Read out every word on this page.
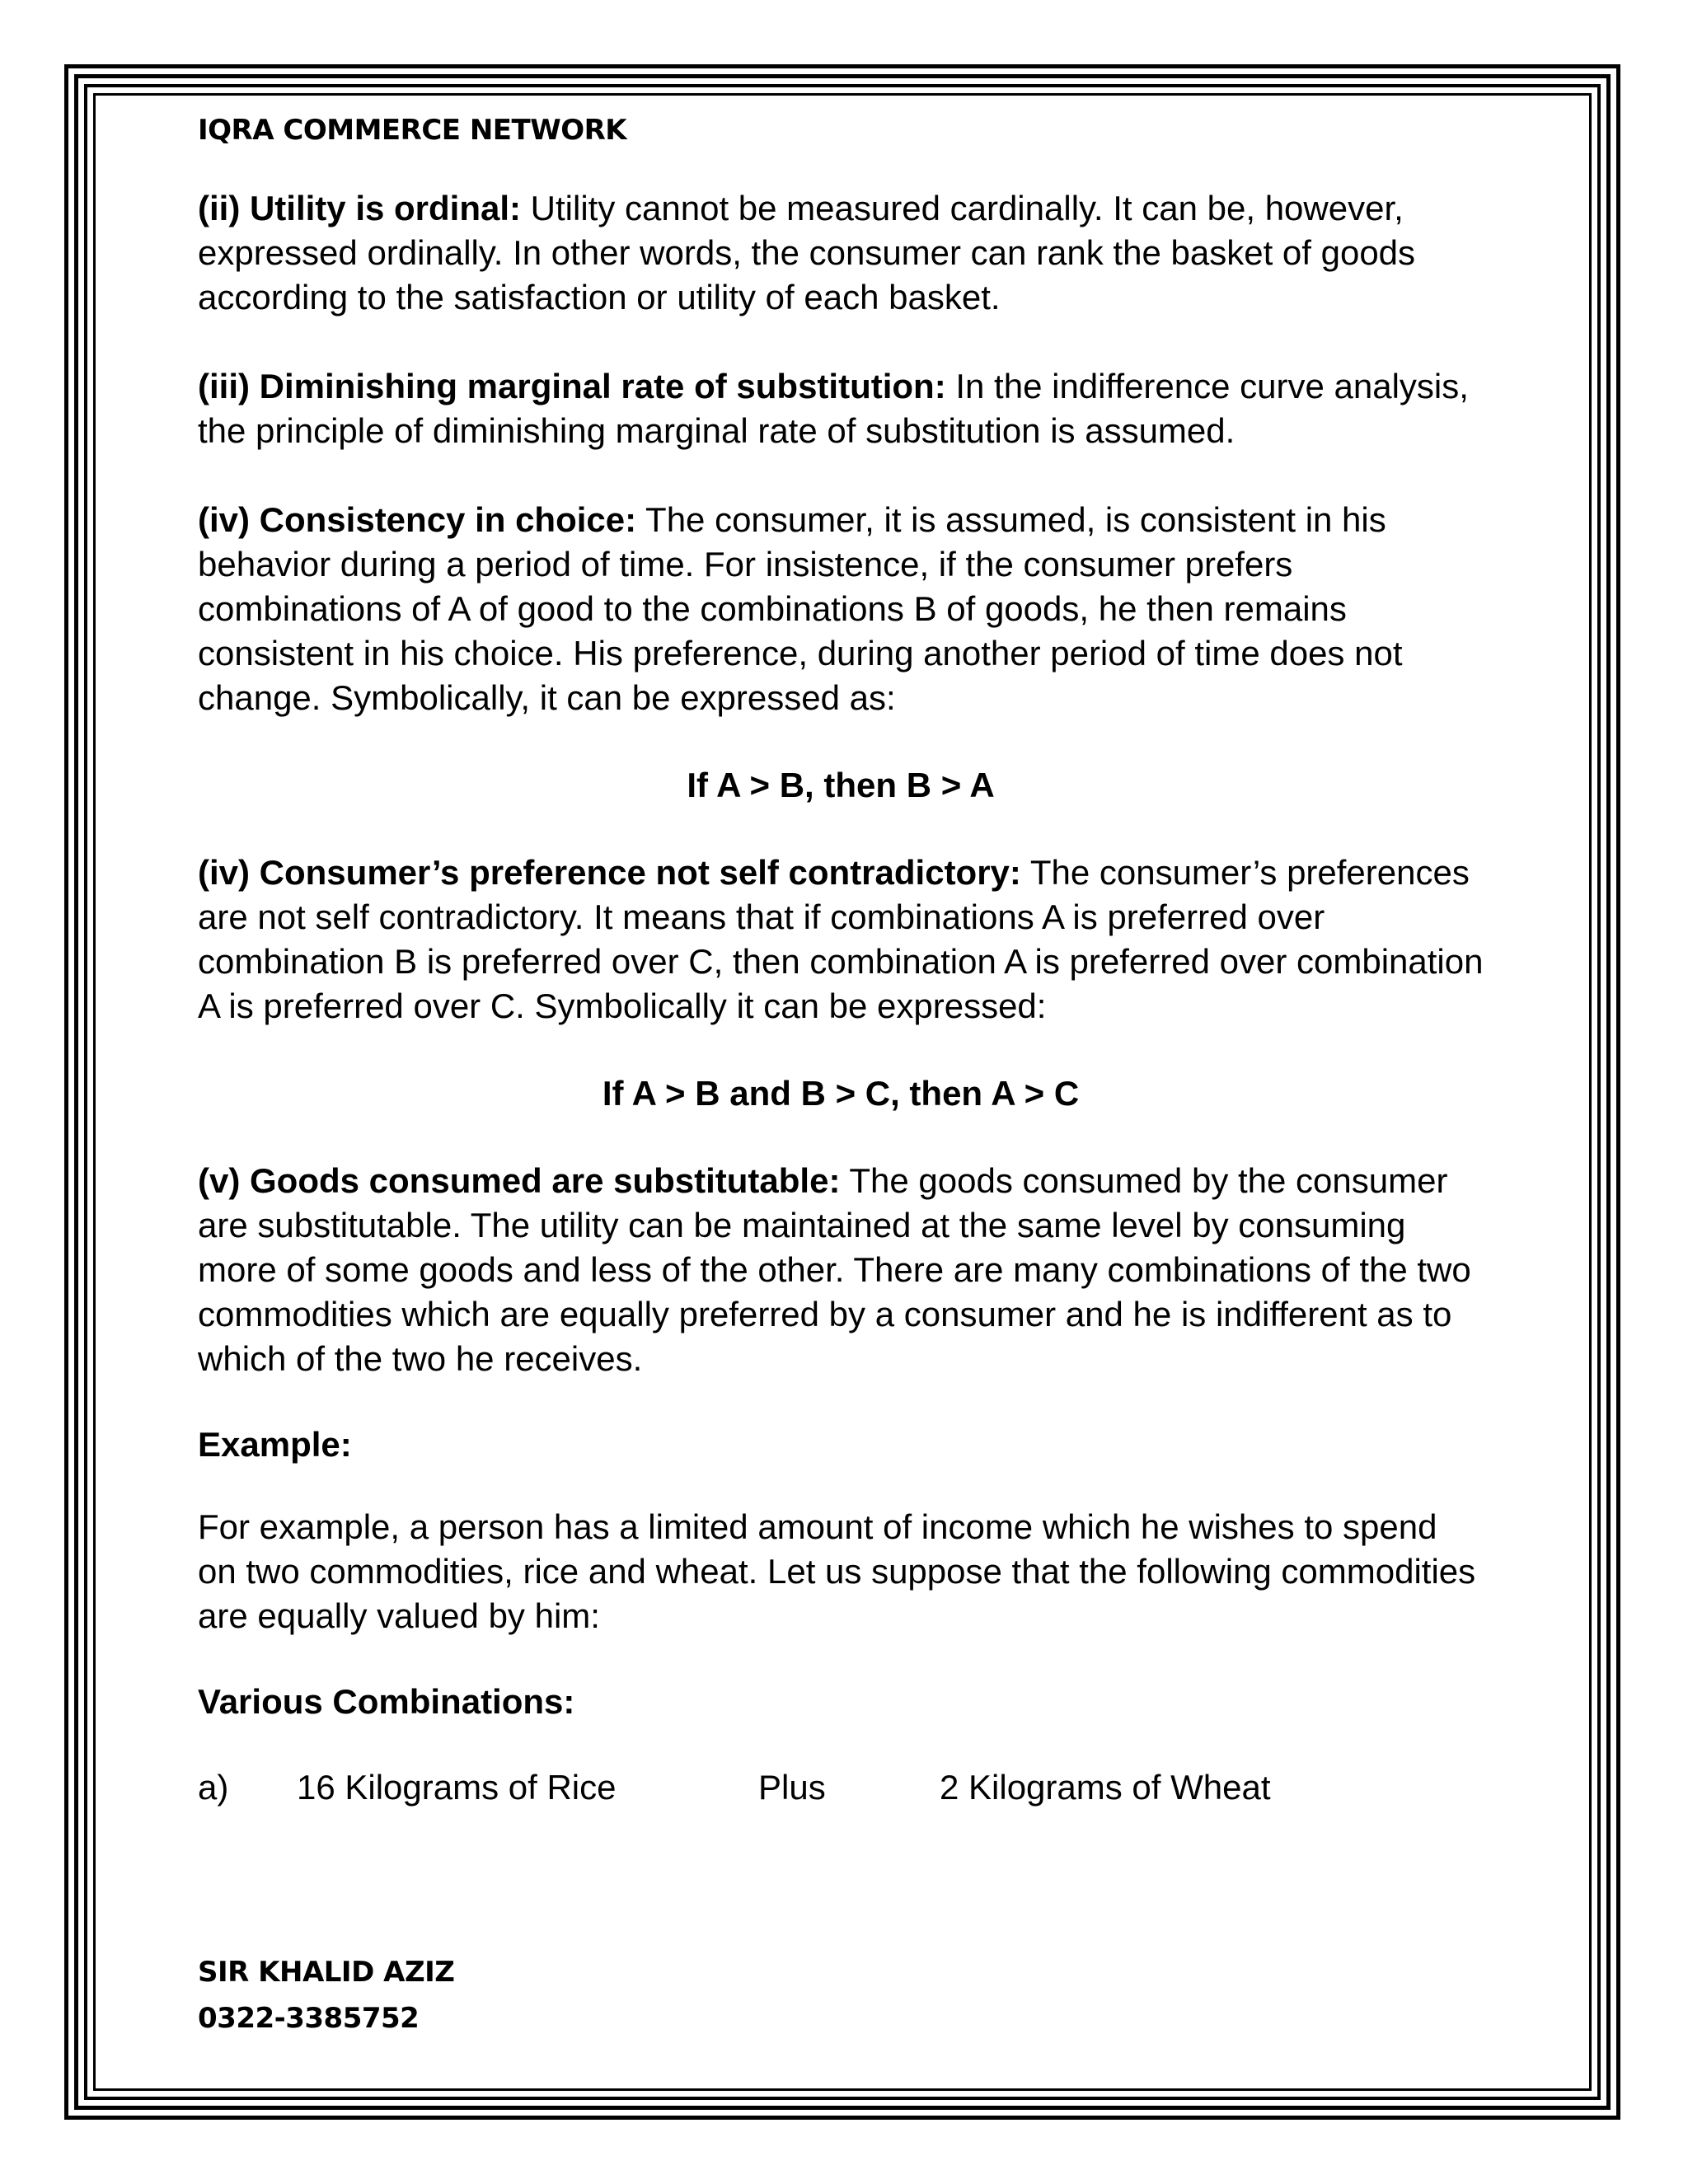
IQRA COMMERCE NETWORK

(ii) Utility is ordinal: Utility cannot be measured cardinally. It can be, however, expressed ordinally. In other words, the consumer can rank the basket of goods according to the satisfaction or utility of each basket.

(iii) Diminishing marginal rate of substitution: In the indifference curve analysis, the principle of diminishing marginal rate of substitution is assumed.

(iv) Consistency in choice: The consumer, it is assumed, is consistent in his behavior during a period of time. For insistence, if the consumer prefers combinations of A of good to the combinations B of goods, he then remains consistent in his choice. His preference, during another period of time does not change. Symbolically, it can be expressed as:

If A > B, then B > A

(iv) Consumer’s preference not self contradictory: The consumer’s preferences are not self contradictory. It means that if combinations A is preferred over combination B is preferred over C, then combination A is preferred over combination A is preferred over C. Symbolically it can be expressed:

If A > B and B > C, then A > C

(v) Goods consumed are substitutable: The goods consumed by the consumer are substitutable. The utility can be maintained at the same level by consuming more of some goods and less of the other. There are many combinations of the two commodities which are equally preferred by a consumer and he is indifferent as to which of the two he receives.

Example:

For example, a person has a limited amount of income which he wishes to spend on two commodities, rice and wheat. Let us suppose that the following commodities are equally valued by him:

Various Combinations:

a)	16 Kilograms of Rice	Plus	2 Kilograms of Wheat
SIR KHALID AZIZ
0322-3385752
